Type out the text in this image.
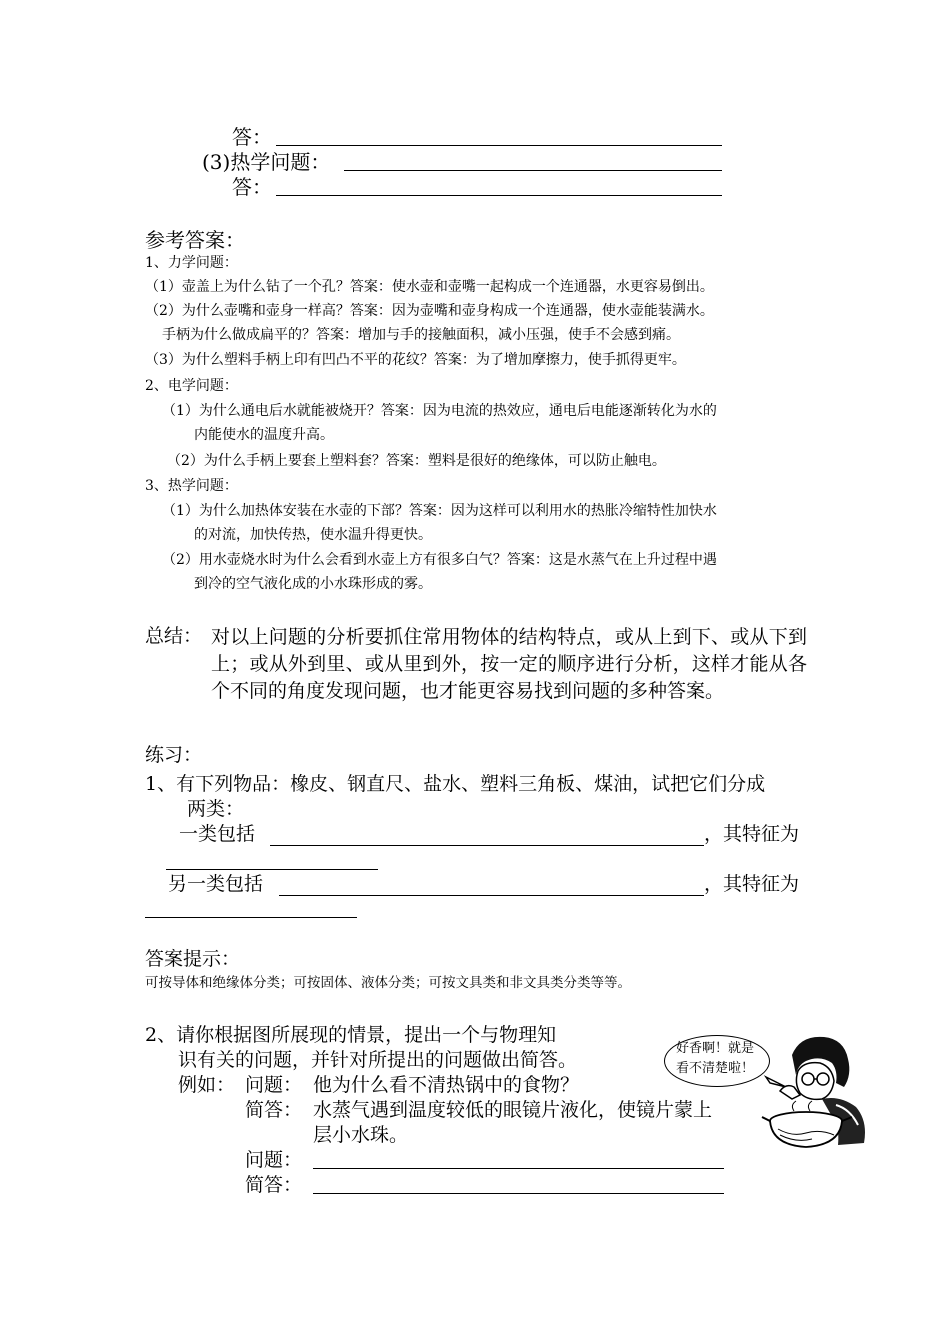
答：
(3)热学问题：
答：
参考答案：
1、力学问题：
（1）壶盖上为什么钻了一个孔？答案：使水壶和壶嘴一起构成一个连通器，水更容易倒出。
（2）为什么壶嘴和壶身一样高？答案：因为壶嘴和壶身构成一个连通器，使水壶能装满水。
手柄为什么做成扁平的？答案：增加与手的接触面积，减小压强，使手不会感到痛。
（3）为什么塑料手柄上印有凹凸不平的花纹？答案：为了增加摩擦力，使手抓得更牢。
2、电学问题：
（1）为什么通电后水就能被烧开？答案：因为电流的热效应，通电后电能逐渐转化为水的
内能使水的温度升高。
（2）为什么手柄上要套上塑料套？答案：塑料是很好的绝缘体，可以防止触电。
3、热学问题：
（1）为什么加热体安装在水壶的下部？答案：因为这样可以利用水的热胀冷缩特性加快水
的对流，加快传热，使水温升得更快。
（2）用水壶烧水时为什么会看到水壶上方有很多白气？答案：这是水蒸气在上升过程中遇
到冷的空气液化成的小水珠形成的雾。
总结： 对以上问题的分析要抓住常用物体的结构特点，或从上到下、或从下到上；或从外到里、或从里到外，按一定的顺序进行分析，这样才能从各个不同的角度发现问题，也才能更容易找到问题的多种答案。
练习：
1、有下列物品：橡皮、钢直尺、盐水、塑料三角板、煤油，试把它们分成
两类：
一类包括	，其特征为
另一类包括	，其特征为
答案提示：
可按导体和绝缘体分类；可按固体、液体分类；可按文具类和非文具类分类等等。
2、请你根据图所展现的情景，提出一个与物理知
识有关的问题，并针对所提出的问题做出简答。
例如： 问题： 他为什么看不清热锅中的食物？
简答： 水蒸气遇到温度较低的眼镜片液化，使镜片蒙上
层小水珠。
问题：
简答：
好香啊！就是
看不清楚啦！
